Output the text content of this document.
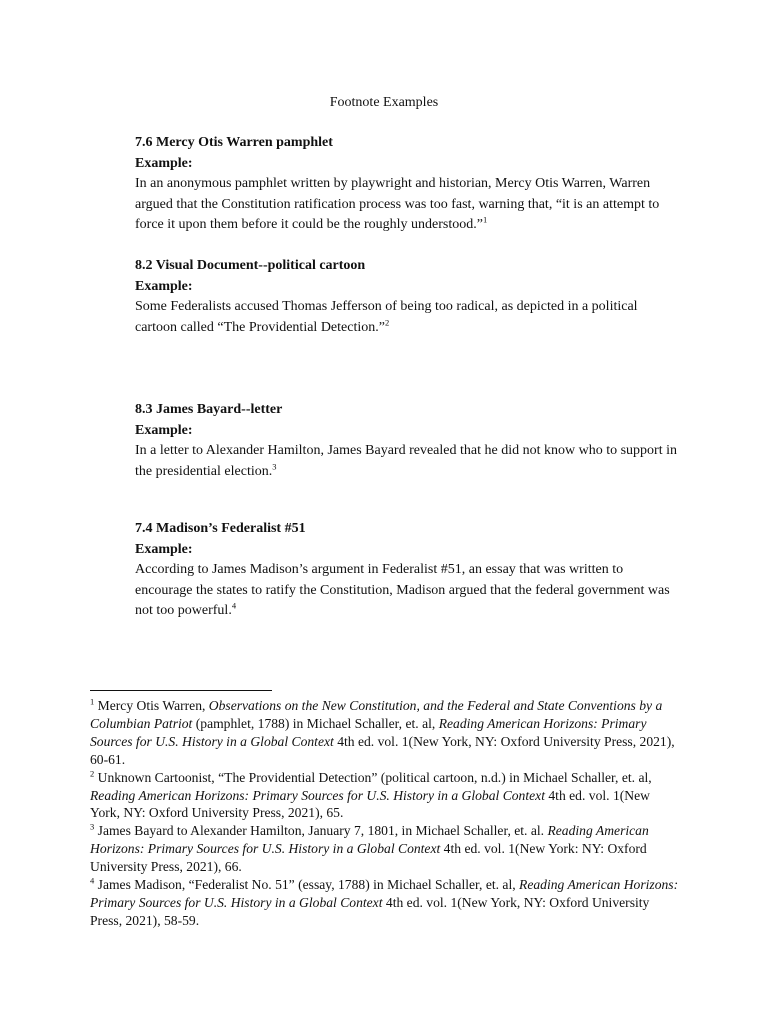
Footnote Examples
7.6 Mercy Otis Warren pamphlet
Example:
In an anonymous pamphlet written by playwright and historian, Mercy Otis Warren, Warren argued that the Constitution ratification process was too fast, warning that, “it is an attempt to force it upon them before it could be the roughly understood.”$^1$
8.2 Visual Document--political cartoon
Example:
Some Federalists accused Thomas Jefferson of being too radical, as depicted in a political cartoon called “The Providential Detection.”$^2$
8.3 James Bayard--letter
Example:
In a letter to Alexander Hamilton, James Bayard revealed that he did not know who to support in the presidential election.$^3$
7.4 Madison’s Federalist #51
Example:
According to James Madison’s argument in Federalist #51, an essay that was written to encourage the states to ratify the Constitution, Madison argued that the federal government was not too powerful.$^4$
$^1$ Mercy Otis Warren, Observations on the New Constitution, and the Federal and State Conventions by a Columbian Patriot (pamphlet, 1788) in Michael Schaller, et. al, Reading American Horizons: Primary Sources for U.S. History in a Global Context 4th ed. vol. 1(New York, NY: Oxford University Press, 2021), 60-61.
$^2$ Unknown Cartoonist, “The Providential Detection” (political cartoon, n.d.) in Michael Schaller, et. al, Reading American Horizons: Primary Sources for U.S. History in a Global Context 4th ed. vol. 1(New York, NY: Oxford University Press, 2021), 65.
$^3$ James Bayard to Alexander Hamilton, January 7, 1801, in Michael Schaller, et. al. Reading American Horizons: Primary Sources for U.S. History in a Global Context 4th ed. vol. 1(New York: NY: Oxford University Press, 2021), 66.
$^4$ James Madison, “Federalist No. 51” (essay, 1788) in Michael Schaller, et. al, Reading American Horizons: Primary Sources for U.S. History in a Global Context 4th ed. vol. 1(New York, NY: Oxford University Press, 2021), 58-59.
